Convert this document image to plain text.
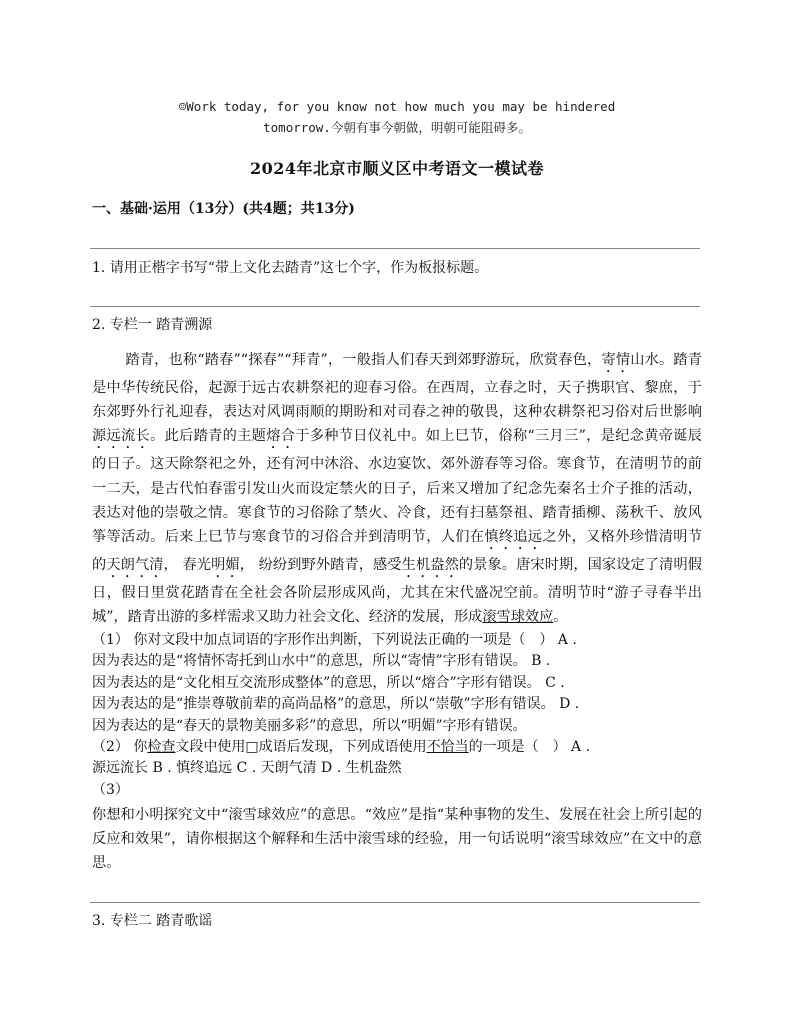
☺Work today, for you know not how much you may be hindered
tomorrow.今朝有事今朝做，明朝可能阻碍多。
2024年北京市顺义区中考语文一模试卷
一、基础·运用（13分）(共4题；共13分)
1. 请用正楷字书写“带上文化去踏青”这七个字，作为板报标题。
2. 专栏一 踏青溯源
踏青，也称“踏春”“探春”“拜青”，一般指人们春天到郊野游玩，欣赏春色，寄情山水。踏青是中华传统民俗，起源于远古农耕祭祀的迎春习俗。在西周，立春之时，天子携职官、黎庶，于东郊野外行礼迎春，表达对风调雨顺的期盼和对司春之神的敬畏，这种农耕祭祀习俗对后世影响源远流长。此后踏青的主题熔合于多种节日仪礼中。如上巳节，俗称“三月三”，是纪念黄帝诞辰的日子。这天除祭祀之外，还有河中沐浴、水边宴饮、郊外游春等习俗。寒食节，在清明节的前一二天，是古代怕春雷引发山火而设定禁火的日子，后来又增加了纪念先秦名士介子推的活动，表达对他的崇敬之情。寒食节的习俗除了禁火、冷食，还有扫墓祭祖、踏青插柳、荡秋千、放风筝等活动。后来上巳节与寒食节的习俗合并到清明节，人们在慎终追远之外，又格外珍惜清明节的天朗气清， 春光明媚， 纷纷到野外踏青，感受生机盎然的景象。唐宋时期，国家设定了清明假日，假日里赏花踏青在全社会各阶层形成风尚，尤其在宋代盛况空前。清明节时“游子寻春半出城”，踏青出游的多样需求又助力社会文化、经济的发展，形成滚雪球效应。

（1） 你对文段中加点词语的字形作出判断，下列说法正确的一项是（　） A .

因为表达的是“将情怀寄托到山水中”的意思，所以“寄情”字形有错误。 B .

因为表达的是“文化相互交流形成整体”的意思，所以“熔合”字形有错误。 C .

因为表达的是“推崇尊敬前辈的高尚品格”的意思，所以“崇敬”字形有错误。 D .

因为表达的是“春天的景物美丽多彩”的意思，所以“明媚”字形有错误。

（2） 你检查文段中使用□成语后发现，下列成语使用不恰当的一项是（　） A .

源远流长 B . 慎终追远 C . 天朗气清 D . 生机盎然

（3）

你想和小明探究文中“滚雪球效应”的意思。“效应”是指“某种事物的发生、发展在社会上所引起的反应和效果”，请你根据这个解释和生活中滚雪球的经验，用一句话说明“滚雪球效应”在文中的意思。
3. 专栏二 踏青歌谣
